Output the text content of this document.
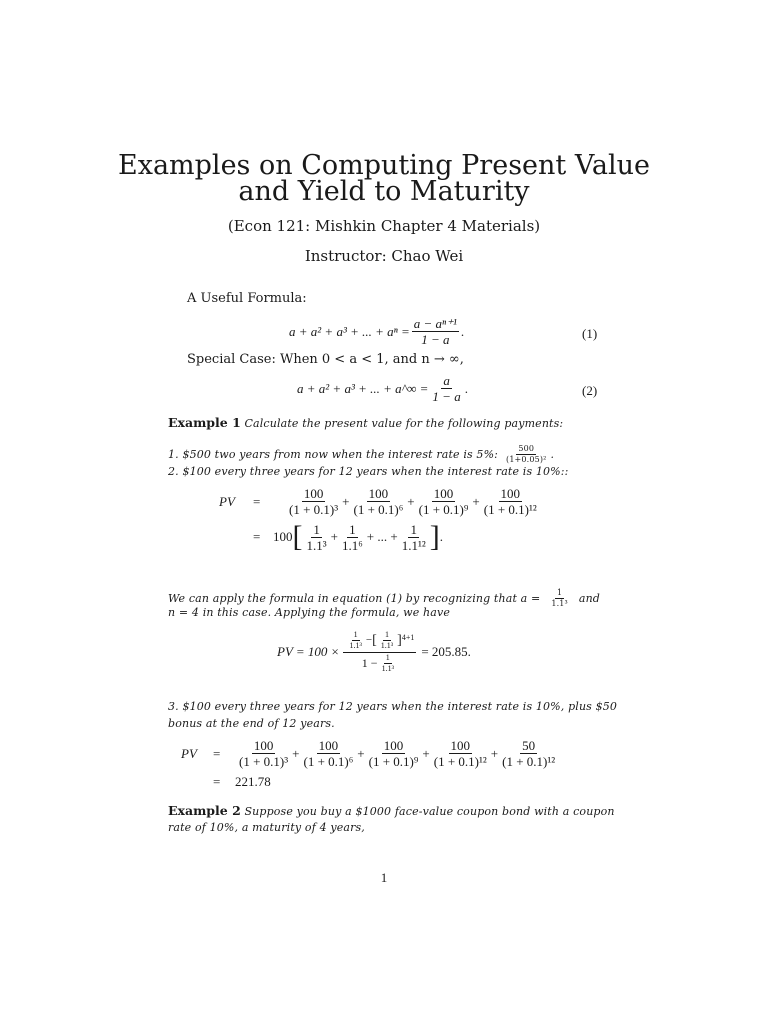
Examples on Computing Present Value
and Yield to Maturity
(Econ 121: Mishkin Chapter 4 Materials)
Instructor: Chao Wei
A Useful Formula:
a + a² + a³ + ... + $a^n = \frac{\text{a − aⁿ⁺¹}}{1 - a}$ .	(1)
Special Case: When 0 < a < 1, and n → ∞,
a + a² + a³ + ... + a^∞ = $\frac{a}{1 - a}$ .	(2)
Example 1 Calculate the present value for the following payments:
1. $500 two years from now when the interest rate is 5%: $\frac{500}{\text{(1+0.05)²}}$ .
2. $100 every three years for 12 years when the interest rate is 10%::
PV	=	$\frac{100}{\text{(1 + 0.1)³}} + \frac{100}{\text{(1 + 0.1)⁶}} + \frac{100}{\text{(1 + 0.1)⁹}} + \frac{100}{\text{(1 + 0.1)¹²}}$
= 100 [ $\frac{1}{\text{1.1³}} + \frac{1}{\text{1.1⁶}}$ + ... + $\frac{1}{\text{1.1¹²}}$ ] .
We can apply the formula in equation (1) by recognizing that $a = \frac{1}{\text{1.1³}}$ and
n = 4 in this case. Applying the formula, we have
PV = 100 ×
$\frac{1}{\text{1.1³}}$ − [ $\frac{1}{\text{1.1³}}$ ] 4+1
$1 - \frac{1}{\text{1.1³}}$
= 205.85.
3. $100 every three years for 12 years when the interest rate is 10%, plus $50
bonus at the end of 12 years.
PV	=	$\frac{100}{\text{(1 + 0.1)³}} + \frac{100}{\text{(1 + 0.1)⁶}} + \frac{100}{\text{(1 + 0.1)⁹}} + \frac{100}{\text{(1 + 0.1)¹²}} + \frac{50}{\text{(1 + 0.1)¹²}}$
=	221.78
Example 2 Suppose you buy a $1000 face-value coupon bond with a coupon
rate of 10%, a maturity of 4 years,
1
